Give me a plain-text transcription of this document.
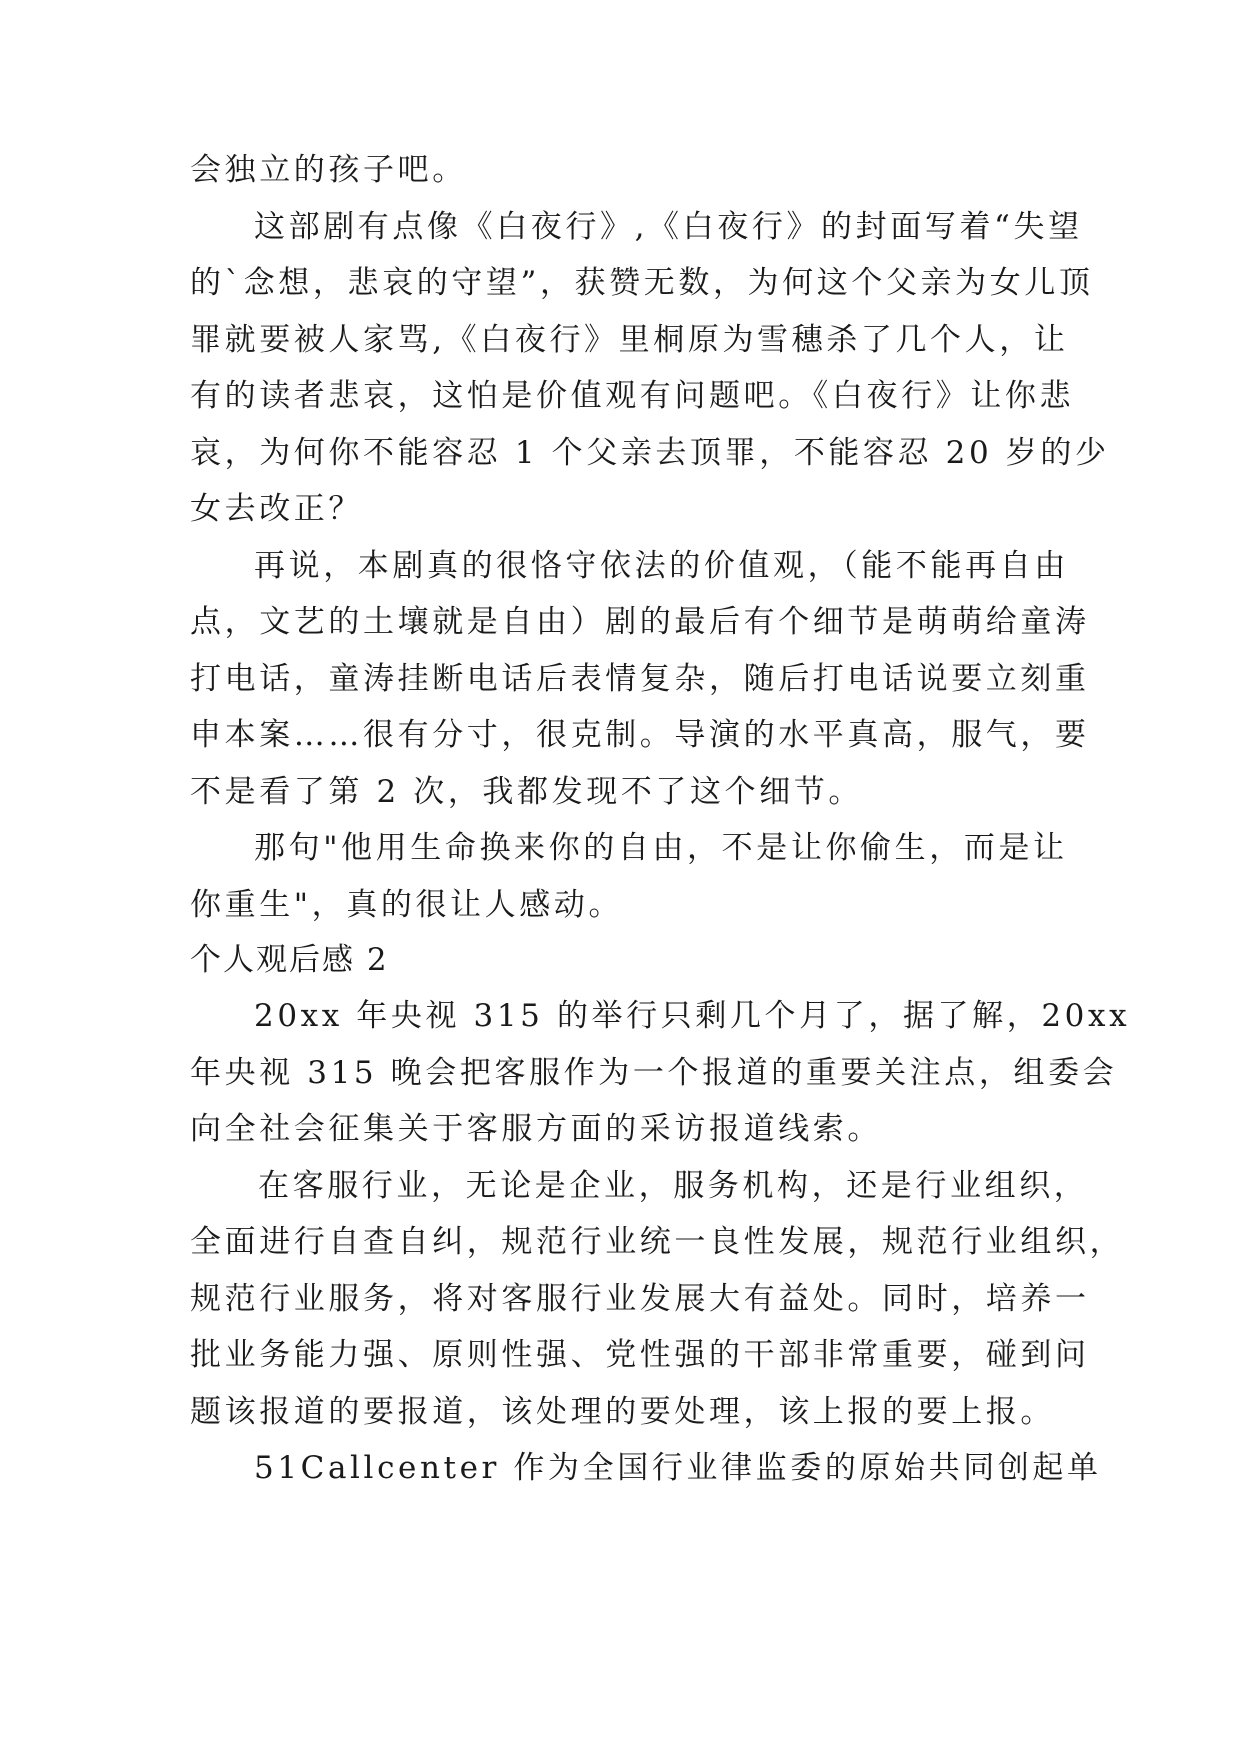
会独立的孩子吧。
这部剧有点像《白夜行》,《白夜行》的封面写着“失望
的`念想，悲哀的守望”，获赞无数，为何这个父亲为女儿顶
罪就要被人家骂,《白夜行》里桐原为雪穗杀了几个人，让
有的读者悲哀，这怕是价值观有问题吧。《白夜行》让你悲
哀，为何你不能容忍 1 个父亲去顶罪，不能容忍 20 岁的少
女去改正？
再说，本剧真的很恪守依法的价值观，（能不能再自由
点，文艺的土壤就是自由）剧的最后有个细节是萌萌给童涛
打电话，童涛挂断电话后表情复杂，随后打电话说要立刻重
申本案……很有分寸，很克制。导演的水平真高，服气，要
不是看了第 2 次，我都发现不了这个细节。
那句"他用生命换来你的自由，不是让你偷生，而是让
你重生"，真的很让人感动。
个人观后感 2
20xx 年央视 315 的举行只剩几个月了，据了解，20xx
年央视 315 晚会把客服作为一个报道的重要关注点，组委会
向全社会征集关于客服方面的采访报道线索。
在客服行业，无论是企业，服务机构，还是行业组织，
全面进行自查自纠，规范行业统一良性发展，规范行业组织，
规范行业服务，将对客服行业发展大有益处。同时，培养一
批业务能力强、原则性强、党性强的干部非常重要，碰到问
题该报道的要报道，该处理的要处理，该上报的要上报。
51Callcenter 作为全国行业律监委的原始共同创起单
